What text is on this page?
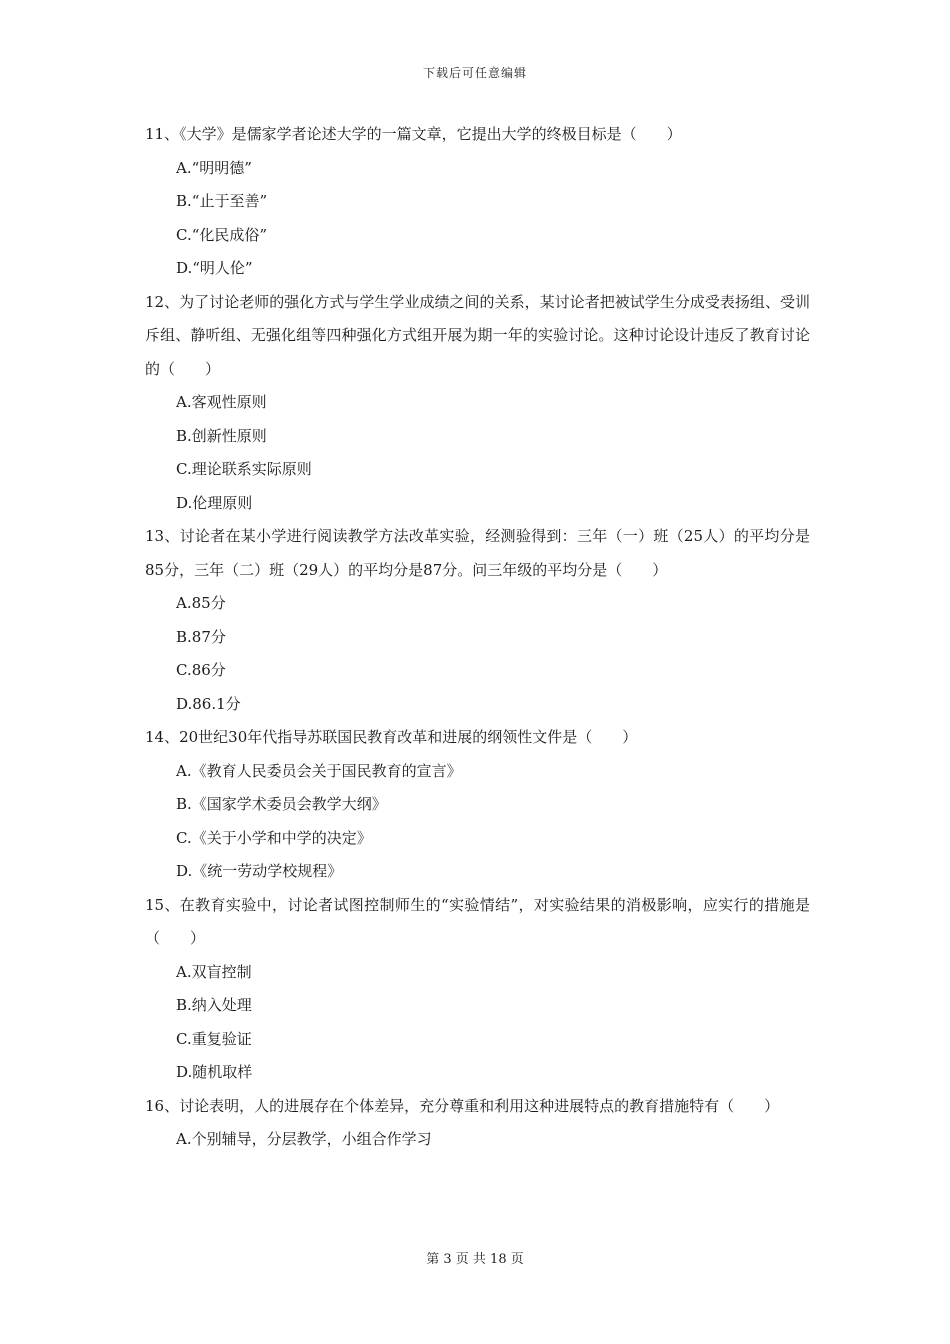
下载后可任意编辑
11、《大学》是儒家学者论述大学的一篇文章，它提出大学的终极目标是（　　）
A.“明明德”
B.“止于至善”
C.“化民成俗”
D.“明人伦”
12、为了讨论老师的强化方式与学生学业成绩之间的关系，某讨论者把被试学生分成受表扬组、受训斥组、静听组、无强化组等四种强化方式组开展为期一年的实验讨论。这种讨论设计违反了教育讨论的（　　）
A.客观性原则
B.创新性原则
C.理论联系实际原则
D.伦理原则
13、讨论者在某小学进行阅读教学方法改革实验，经测验得到：三年（一）班（25人）的平均分是85分，三年（二）班（29人）的平均分是87分。问三年级的平均分是（　　）
A.85分
B.87分
C.86分
D.86.1分
14、20世纪30年代指导苏联国民教育改革和进展的纲领性文件是（　　）
A.《教育人民委员会关于国民教育的宣言》
B.《国家学术委员会教学大纲》
C.《关于小学和中学的决定》
D.《统一劳动学校规程》
15、在教育实验中，讨论者试图控制师生的“实验情结”，对实验结果的消极影响，应实行的措施是（　　）
A.双盲控制
B.纳入处理
C.重复验证
D.随机取样
16、讨论表明，人的进展存在个体差异，充分尊重和利用这种进展特点的教育措施特有（　　）
A.个别辅导，分层教学，小组合作学习
第 3 页 共 18 页
